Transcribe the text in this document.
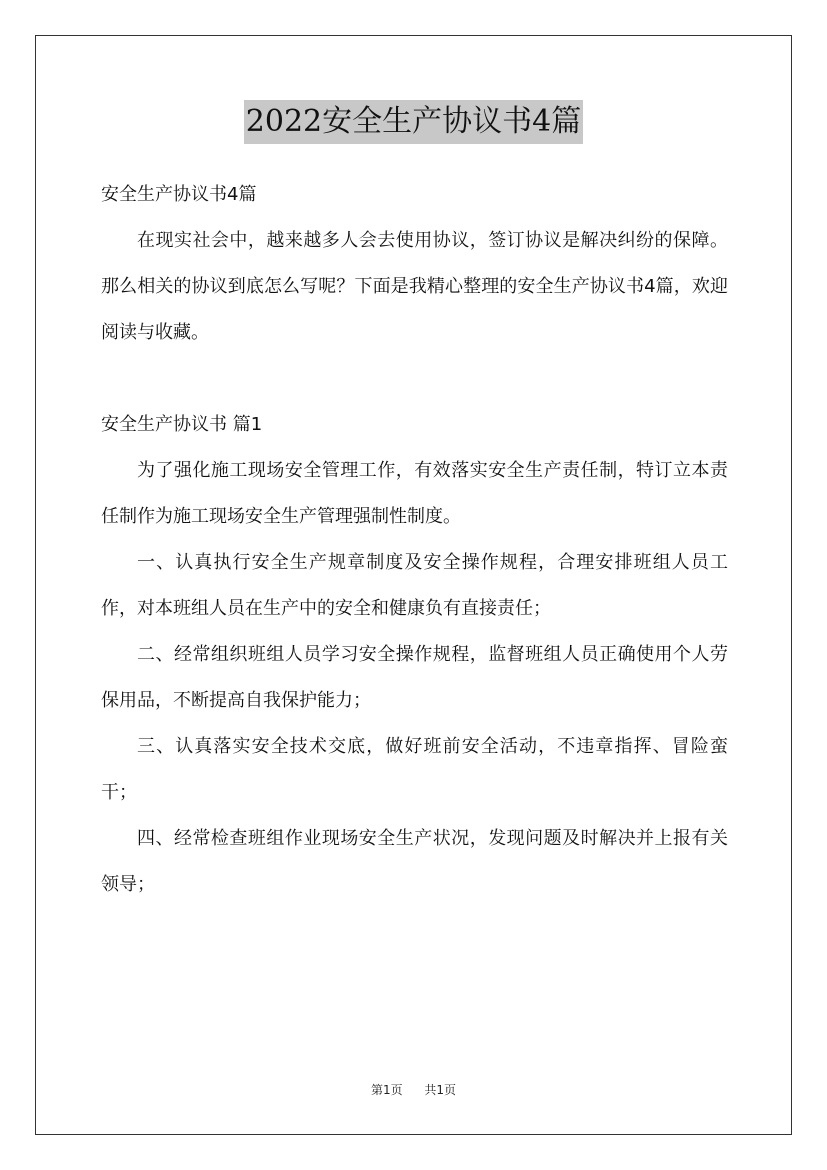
2022安全生产协议书4篇

安全生产协议书4篇

在现实社会中，越来越多人会去使用协议，签订协议是解决纠纷的保障。那么相关的协议到底怎么写呢？下面是我精心整理的安全生产协议书4篇，欢迎阅读与收藏。

安全生产协议书 篇1

为了强化施工现场安全管理工作，有效落实安全生产责任制，特订立本责任制作为施工现场安全生产管理强制性制度。

一、认真执行安全生产规章制度及安全操作规程，合理安排班组人员工作，对本班组人员在生产中的安全和健康负有直接责任；

二、经常组织班组人员学习安全操作规程，监督班组人员正确使用个人劳保用品，不断提高自我保护能力；

三、认真落实安全技术交底，做好班前安全活动，不违章指挥、冒险蛮干；

四、经常检查班组作业现场安全生产状况，发现问题及时解决并上报有关领导；

第1页 共1页
